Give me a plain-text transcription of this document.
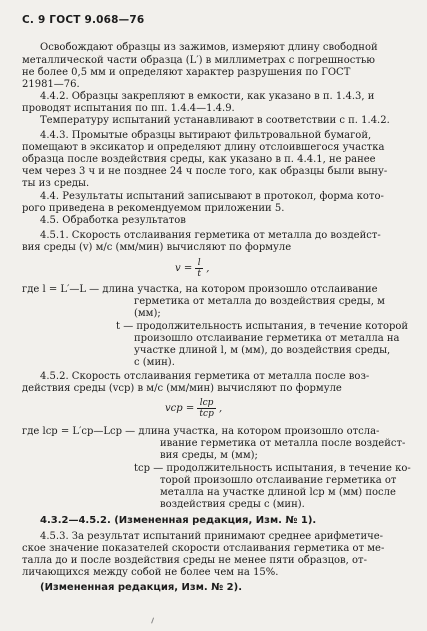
С. 9 ГОСТ 9.068—76
Освобождают образцы из зажимов, измеряют длину свободной
металлической части образца (L′) в миллиметрах с погрешностью
не более 0,5 мм и определяют характер разрушения по ГОСТ
21981—76.
4.4.2. Образцы закрепляют в емкости, как указано в п. 1.4.3, и
проводят испытания по пп. 1.4.4—1.4.9.
Температуру испытаний устанавливают в соответствии с п. 1.4.2.
4.4.3. Промытые образцы вытирают фильтровальной бумагой,
помещают в эксикатор и определяют длину отслоившегося участка
образца после воздействия среды, как указано в п. 4.4.1, не ранее
чем через 3 ч и не позднее 24 ч после того, как образцы были выну-
ты из среды.
4.4. Результаты испытаний записывают в протокол, форма кото-
рого приведена в рекомендуемом приложении 5.
4.5. Обработка результатов
4.5.1. Скорость отслаивания герметика от металла до воздейст-
вия среды (v) м/с (мм/мин) вычисляют по формуле
$v = \frac{l}{t}$ ,
где l = L′—L — длина участка, на котором произошло отслаивание
герметика от металла до воздействия среды, м
(мм);
t — продолжительность испытания, в течение которой
произошло отслаивание герметика от металла на
участке длиной l, м (мм), до воздействия среды,
с (мин).
4.5.2. Скорость отслаивания герметика от металла после воз-
действия среды (vср) в м/с (мм/мин) вычисляют по формуле
vср = $\frac{\text{lср}}{\text{tср}}$ ,
где lср = L′ср—Lср — длина участка, на котором произошло отсла-
ивание герметика от металла после воздейст-
вия среды, м (мм);
tср — продолжительность испытания, в течение ко-
торой произошло отслаивание герметика от
металла на участке длиной lср м (мм) после
воздействия среды с (мин).
4.3.2—4.5.2. (Измененная редакция, Изм. № 1).
4.5.3. За результат испытаний принимают среднее арифметиче-
ское значение показателей скорости отслаивания герметика от ме-
талла до и после воздействия среды не менее пяти образцов, от-
личающихся между собой не более чем на 15%.
(Измененная редакция, Изм. № 2).
